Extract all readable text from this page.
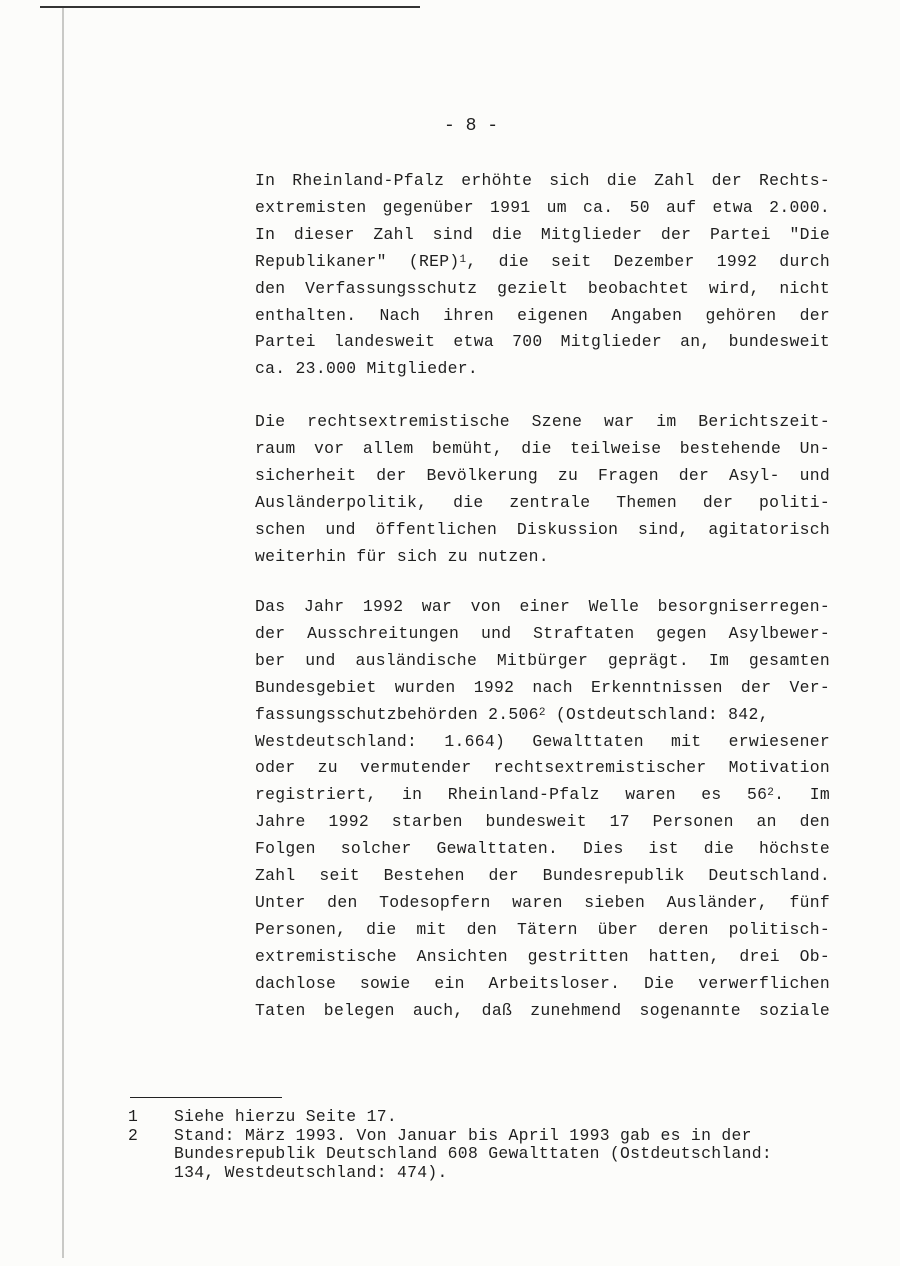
- 8 -
In Rheinland-Pfalz erhöhte sich die Zahl der Rechts-
extremisten gegenüber 1991 um ca. 50 auf etwa 2.000.
In dieser Zahl sind die Mitglieder der Partei "Die
Republikaner" (REP)$^1$, die seit Dezember 1992 durch
den Verfassungsschutz gezielt beobachtet wird, nicht
enthalten. Nach ihren eigenen Angaben gehören der
Partei landesweit etwa 700 Mitglieder an, bundesweit
ca. 23.000 Mitglieder.
Die rechtsextremistische Szene war im Berichtszeit-
raum vor allem bemüht, die teilweise bestehende Un-
sicherheit der Bevölkerung zu Fragen der Asyl- und
Ausländerpolitik, die zentrale Themen der politi-
schen und öffentlichen Diskussion sind, agitatorisch
weiterhin für sich zu nutzen.
Das Jahr 1992 war von einer Welle besorgniserregen-
der Ausschreitungen und Straftaten gegen Asylbewer-
ber und ausländische Mitbürger geprägt. Im gesamten
Bundesgebiet wurden 1992 nach Erkenntnissen der Ver-
fassungsschutzbehörden 2.506$^2$ (Ostdeutschland: 842,
Westdeutschland: 1.664) Gewalttaten mit erwiesener
oder zu vermutender rechtsextremistischer Motivation
registriert, in Rheinland-Pfalz waren es $56^2$. Im
Jahre 1992 starben bundesweit 17 Personen an den
Folgen solcher Gewalttaten. Dies ist die höchste
Zahl seit Bestehen der Bundesrepublik Deutschland.
Unter den Todesopfern waren sieben Ausländer, fünf
Personen, die mit den Tätern über deren politisch-
extremistische Ansichten gestritten hatten, drei Ob-
dachlose sowie ein Arbeitsloser. Die verwerflichen
Taten belegen auch, daß zunehmend sogenannte soziale
1	Siehe hierzu Seite 17.
2	Stand: März 1993. Von Januar bis April 1993 gab es in der
Bundesrepublik Deutschland 608 Gewalttaten (Ostdeutschland:
134, Westdeutschland: 474).
